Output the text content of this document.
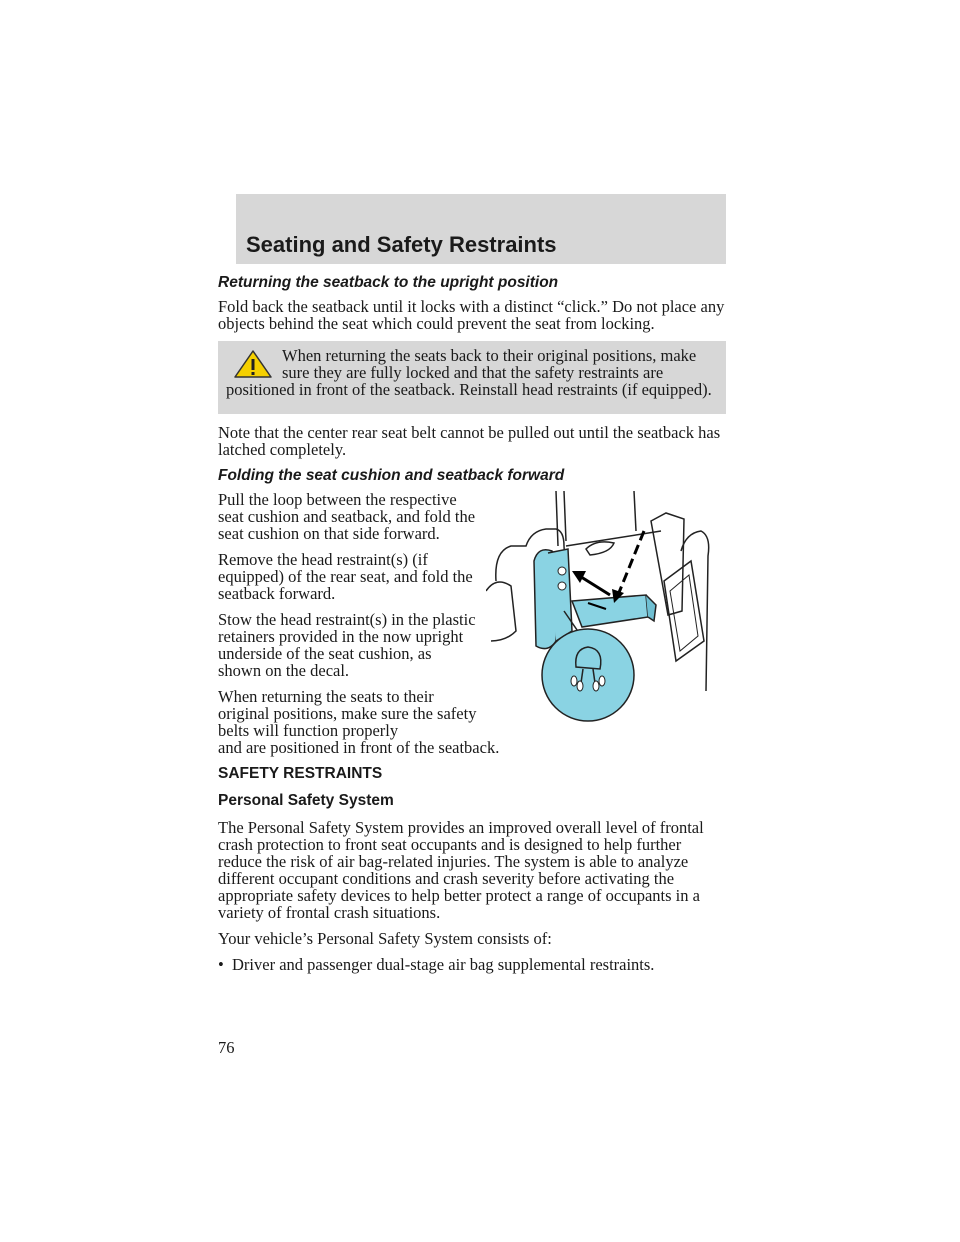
Seating and Safety Restraints
Returning the seatback to the upright position

Fold back the seatback until it locks with a distinct “click.” Do not place any objects behind the seat which could prevent the seat from locking.

When returning the seats back to their original positions, make sure they are fully locked and that the safety restraints are positioned in front of the seatback. Reinstall head restraints (if equipped).

Note that the center rear seat belt cannot be pulled out until the seatback has latched completely.

Folding the seat cushion and seatback forward

Pull the loop between the respective seat cushion and seatback, and fold the seat cushion on that side forward.

Remove the head restraint(s) (if equipped) of the rear seat, and fold the seatback forward.

Stow the head restraint(s) in the plastic retainers provided in the now upright underside of the seat cushion, as shown on the decal.

When returning the seats to their original positions, make sure the safety belts will function properly
and are positioned in front of the seatback.

SAFETY RESTRAINTS
Personal Safety System

The Personal Safety System provides an improved overall level of frontal crash protection to front seat occupants and is designed to help further reduce the risk of air bag-related injuries. The system is able to analyze different occupant conditions and crash severity before activating the appropriate safety devices to help better protect a range of occupants in a variety of frontal crash situations.

Your vehicle’s Personal Safety System consists of:

• Driver and passenger dual-stage air bag supplemental restraints.
76
